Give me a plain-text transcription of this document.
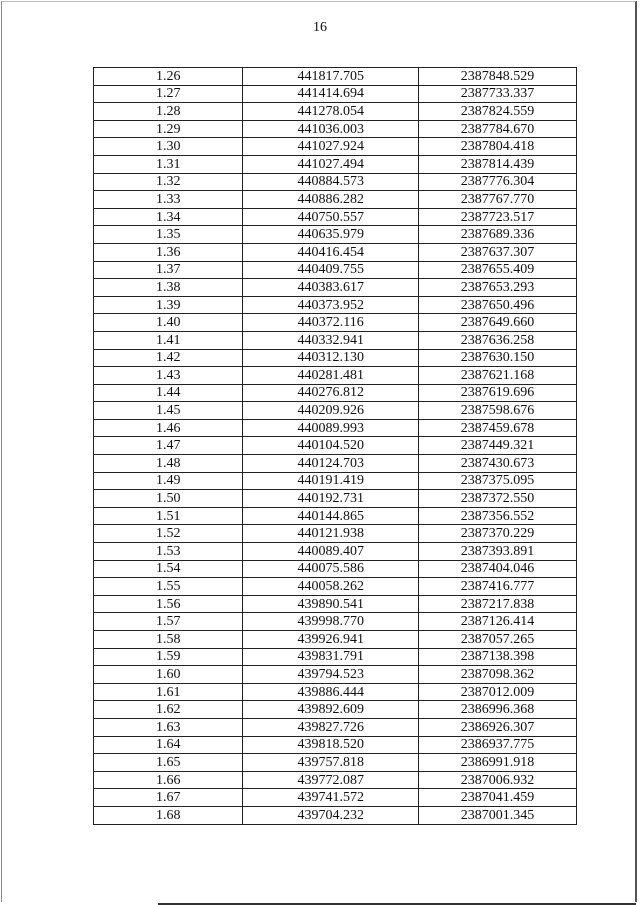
16
1.26	441817.705	2387848.529
1.27	441414.694	2387733.337
1.28	441278.054	2387824.559
1.29	441036.003	2387784.670
1.30	441027.924	2387804.418
1.31	441027.494	2387814.439
1.32	440884.573	2387776.304
1.33	440886.282	2387767.770
1.34	440750.557	2387723.517
1.35	440635.979	2387689.336
1.36	440416.454	2387637.307
1.37	440409.755	2387655.409
1.38	440383.617	2387653.293
1.39	440373.952	2387650.496
1.40	440372.116	2387649.660
1.41	440332.941	2387636.258
1.42	440312.130	2387630.150
1.43	440281.481	2387621.168
1.44	440276.812	2387619.696
1.45	440209.926	2387598.676
1.46	440089.993	2387459.678
1.47	440104.520	2387449.321
1.48	440124.703	2387430.673
1.49	440191.419	2387375.095
1.50	440192.731	2387372.550
1.51	440144.865	2387356.552
1.52	440121.938	2387370.229
1.53	440089.407	2387393.891
1.54	440075.586	2387404.046
1.55	440058.262	2387416.777
1.56	439890.541	2387217.838
1.57	439998.770	2387126.414
1.58	439926.941	2387057.265
1.59	439831.791	2387138.398
1.60	439794.523	2387098.362
1.61	439886.444	2387012.009
1.62	439892.609	2386996.368
1.63	439827.726	2386926.307
1.64	439818.520	2386937.775
1.65	439757.818	2386991.918
1.66	439772.087	2387006.932
1.67	439741.572	2387041.459
1.68	439704.232	2387001.345
